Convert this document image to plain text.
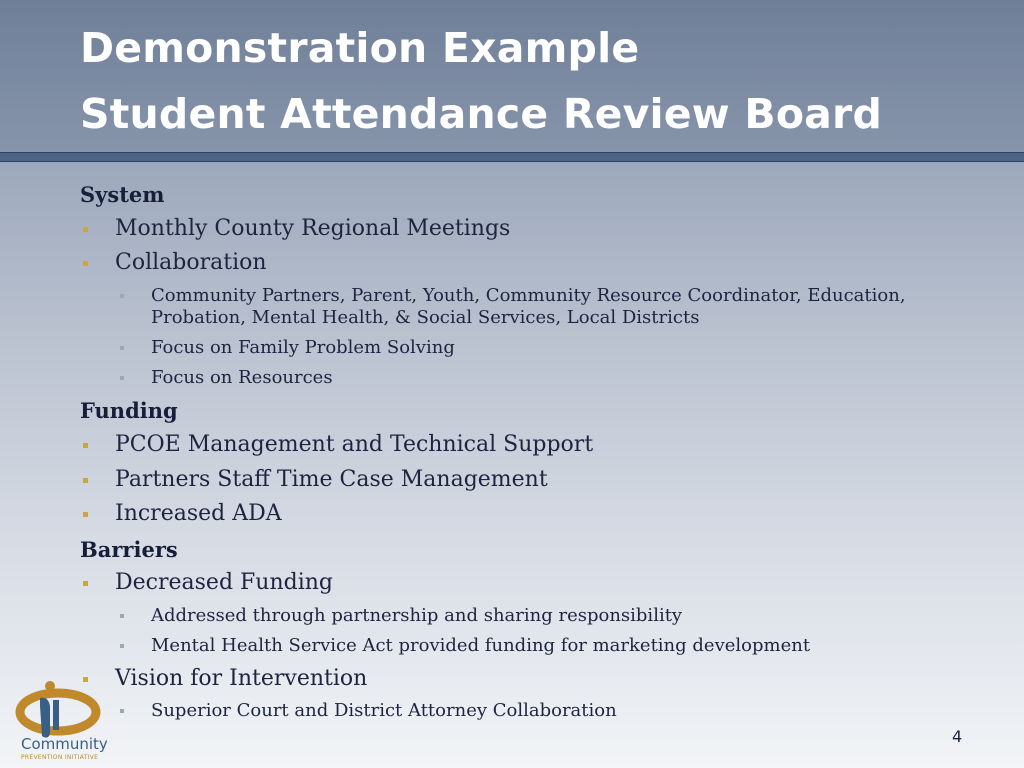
Demonstration Example
Student Attendance Review Board
System
Monthly County Regional Meetings
Collaboration
Community Partners, Parent, Youth, Community Resource Coordinator, Education,
Probation, Mental Health, & Social Services, Local Districts
Focus on Family Problem Solving
Focus on Resources
Funding
PCOE Management and Technical Support
Partners Staff Time Case Management
Increased ADA
Barriers
Decreased Funding
Addressed through partnership and sharing responsibility
Mental Health Service Act provided funding for marketing development
Vision for Intervention
Superior Court and District Attorney Collaboration
Community
PREVENTION INITIATIVE
4
